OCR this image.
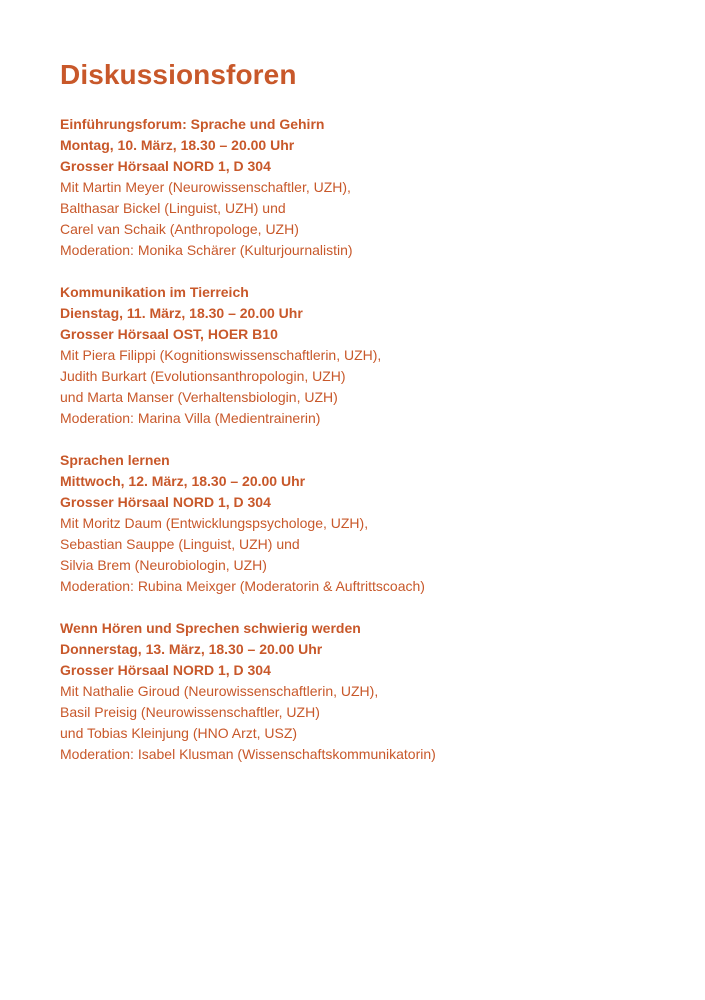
Diskussionsforen
Einführungsforum: Sprache und Gehirn
Montag, 10. März, 18.30 – 20.00 Uhr
Grosser Hörsaal NORD 1, D 304
Mit Martin Meyer (Neurowissenschaftler, UZH),
Balthasar Bickel (Linguist, UZH) und
Carel van Schaik (Anthropologe, UZH)
Moderation: Monika Schärer (Kulturjournalistin)
Kommunikation im Tierreich
Dienstag, 11. März, 18.30 – 20.00 Uhr
Grosser Hörsaal OST, HOER B10
Mit Piera Filippi (Kognitionswissenschaftlerin, UZH),
Judith Burkart (Evolutionsanthropologin, UZH)
und Marta Manser (Verhaltensbiologin, UZH)
Moderation: Marina Villa (Medientrainerin)
Sprachen lernen
Mittwoch, 12. März, 18.30 – 20.00 Uhr
Grosser Hörsaal NORD 1, D 304
Mit Moritz Daum (Entwicklungspsychologe, UZH),
Sebastian Sauppe (Linguist, UZH) und
Silvia Brem (Neurobiologin, UZH)
Moderation: Rubina Meixger (Moderatorin & Auftrittscoach)
Wenn Hören und Sprechen schwierig werden
Donnerstag, 13. März, 18.30 – 20.00 Uhr
Grosser Hörsaal NORD 1, D 304
Mit Nathalie Giroud (Neurowissenschaftlerin, UZH),
Basil Preisig (Neurowissenschaftler, UZH)
und Tobias Kleinjung (HNO Arzt, USZ)
Moderation: Isabel Klusman (Wissenschaftskommunikatorin)
